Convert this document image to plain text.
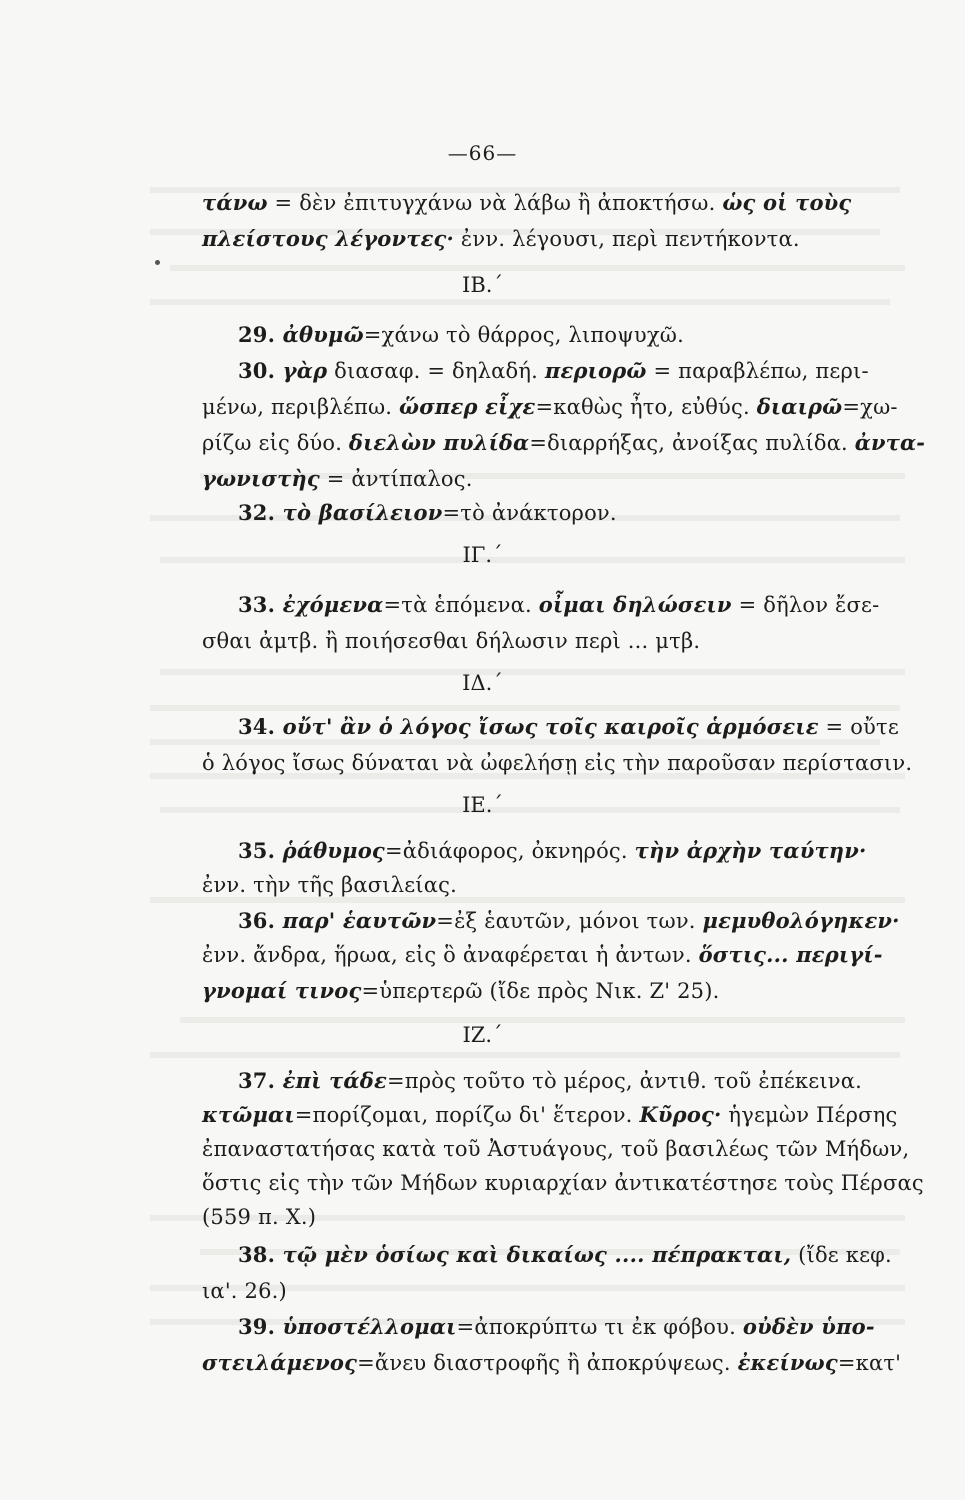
—66—
τάνω = δὲν ἐπιτυγχάνω νὰ λάβω ἢ ἀποκτήσω. ὡς οἱ τοὺς
πλείστους λέγοντες· ἐνν. λέγουσι, περὶ πεντήκοντα.
ΙΒ.´
29. ἀθυμῶ=χάνω τὸ θάρρος, λιποψυχῶ.
30. γὰρ διασαφ. = δηλαδή. περιορῶ = παραβλέπω, περι-
μένω, περιβλέπω. ὥσπερ εἶχε=καθὼς ἦτο, εὐθύς. διαιρῶ=χω-
ρίζω εἰς δύο. διελὼν πυλίδα=διαρρήξας, ἀνοίξας πυλίδα. ἀντα-
γωνιστὴς = ἀντίπαλος.
32. τὸ βασίλειον=τὸ ἀνάκτορον.
ΙΓ.´
33. ἐχόμενα=τὰ ἑπόμενα. οἶμαι δηλώσειν = δῆλον ἔσε-
σθαι ἀμτβ. ἢ ποιήσεσθαι δήλωσιν περὶ ... μτβ.
ΙΔ.´
34. οὔτ' ἂν ὁ λόγος ἴσως τοῖς καιροῖς ἁρμόσειε = οὔτε
ὁ λόγος ἴσως δύναται νὰ ὠφελήσῃ εἰς τὴν παροῦσαν περίστασιν.
ΙΕ.´
35. ῥάθυμος=ἀδιάφορος, ὀκνηρός. τὴν ἀρχὴν ταύτην·
ἐνν. τὴν τῆς βασιλείας.
36. παρ' ἑαυτῶν=ἐξ ἑαυτῶν, μόνοι των. μεμυθολόγηκεν·
ἐνν. ἄνδρα, ἥρωα, εἰς ὃ ἀναφέρεται ἡ ἀντων. ὅστις... περιγί-
γνομαί τινος=ὑπερτερῶ (ἴδε πρὸς Νικ. Ζ' 25).
ΙΖ.´
37. ἐπὶ τάδε=πρὸς τοῦτο τὸ μέρος, ἀντιθ. τοῦ ἐπέκεινα.
κτῶμαι=πορίζομαι, πορίζω δι' ἕτερον. Κῦρος· ἡγεμὼν Πέρσης
ἐπαναστατήσας κατὰ τοῦ Ἀστυάγους, τοῦ βασιλέως τῶν Μήδων,
ὅστις εἰς τὴν τῶν Μήδων κυριαρχίαν ἀντικατέστησε τοὺς Πέρσας
(559 π. Χ.)
38. τῷ μὲν ὁσίως καὶ δικαίως .... πέπρακται, (ἴδε κεφ.
ια'. 26.)
39. ὑποστέλλομαι=ἀποκρύπτω τι ἐκ φόβου. οὐδὲν ὑπο-
στειλάμενος=ἄνευ διαστροφῆς ἢ ἀποκρύψεως. ἐκείνως=κατ'
